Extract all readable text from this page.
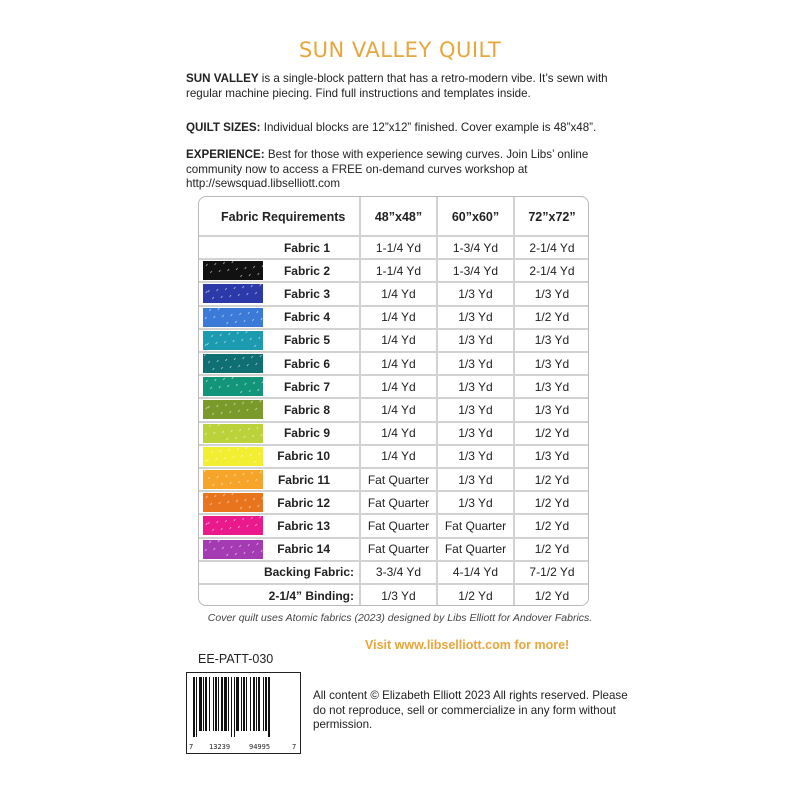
SUN VALLEY QUILT
SUN VALLEY is a single-block pattern that has a retro-modern vibe. It’s sewn with regular machine piecing. Find full instructions and templates inside.
QUILT SIZES: Individual blocks are 12”x12” finished. Cover example is 48”x48”.
EXPERIENCE: Best for those with experience sewing curves. Join Libs’ online community now to access a FREE on-demand curves workshop at http://sewsquad.libselliott.com
Fabric Requirements	48”x48”	60”x60”	72”x72”
Fabric 1	1-1/4 Yd	1-3/4 Yd	2-1/4 Yd
Fabric 2	1-1/4 Yd	1-3/4 Yd	2-1/4 Yd
Fabric 3	1/4 Yd	1/3 Yd	1/3 Yd
Fabric 4	1/4 Yd	1/3 Yd	1/2 Yd
Fabric 5	1/4 Yd	1/3 Yd	1/3 Yd
Fabric 6	1/4 Yd	1/3 Yd	1/3 Yd
Fabric 7	1/4 Yd	1/3 Yd	1/3 Yd
Fabric 8	1/4 Yd	1/3 Yd	1/3 Yd
Fabric 9	1/4 Yd	1/3 Yd	1/2 Yd
Fabric 10	1/4 Yd	1/3 Yd	1/3 Yd
Fabric 11	Fat Quarter	1/3 Yd	1/2 Yd
Fabric 12	Fat Quarter	1/3 Yd	1/2 Yd
Fabric 13	Fat Quarter	Fat Quarter	1/2 Yd
Fabric 14	Fat Quarter	Fat Quarter	1/2 Yd
Backing Fabric:	3-3/4 Yd	4-1/4 Yd	7-1/2 Yd
2-1/4” Binding:	1/3 Yd	1/2 Yd	1/2 Yd
Cover quilt uses Atomic fabrics (2023) designed by Libs Elliott for Andover Fabrics.
Visit www.libselliott.com for more!
EE-PATT-030
7 13239	94995	7
All content © Elizabeth Elliott 2023 All rights reserved. Please do not reproduce, sell or commercialize in any form without permission.
